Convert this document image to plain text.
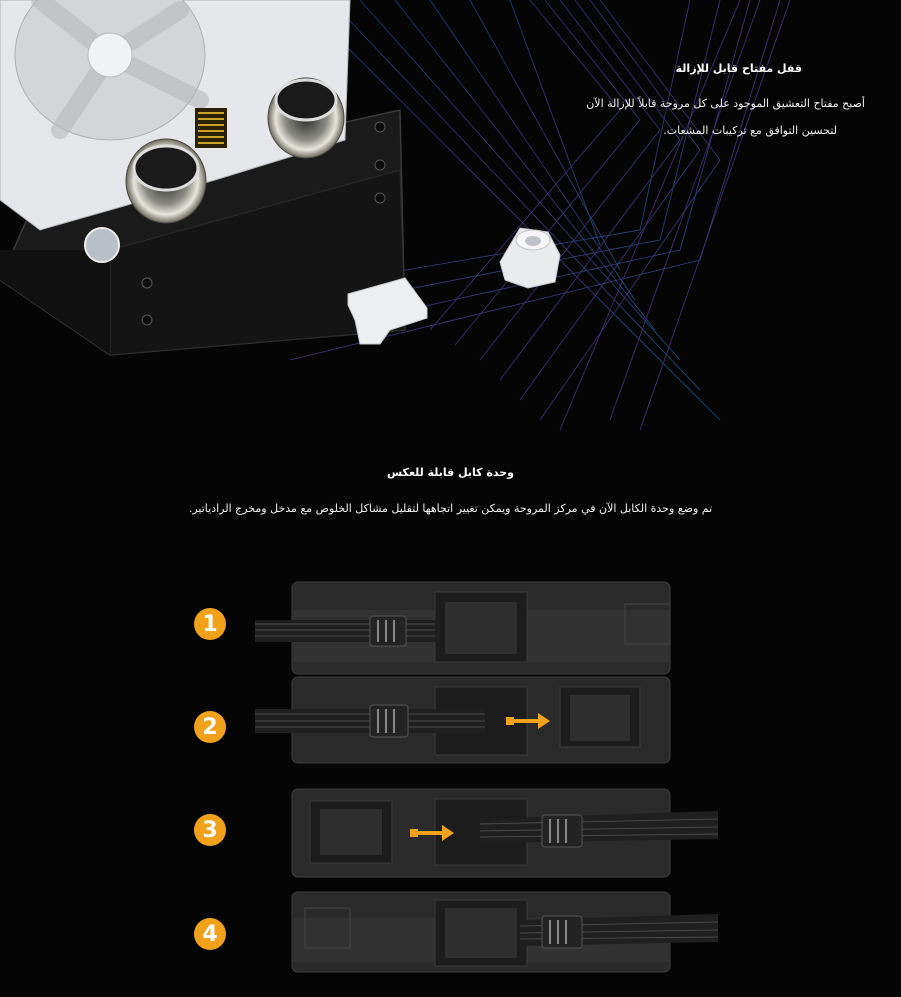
قفل مفتاح قابل للإزالة
أصبح مفتاح التعشيق الموجود على كل مروحة قابلاً للإزالة الآن
لتحسين التوافق مع تركيبات المشعات.
وحدة كابل قابلة للعكس
تم وضع وحدة الكابل الآن في مركز المروحة ويمكن تغيير اتجاهها لتقليل مشاكل الخلوص مع مدخل ومخرج الرادياتير.
1
2
3
4
